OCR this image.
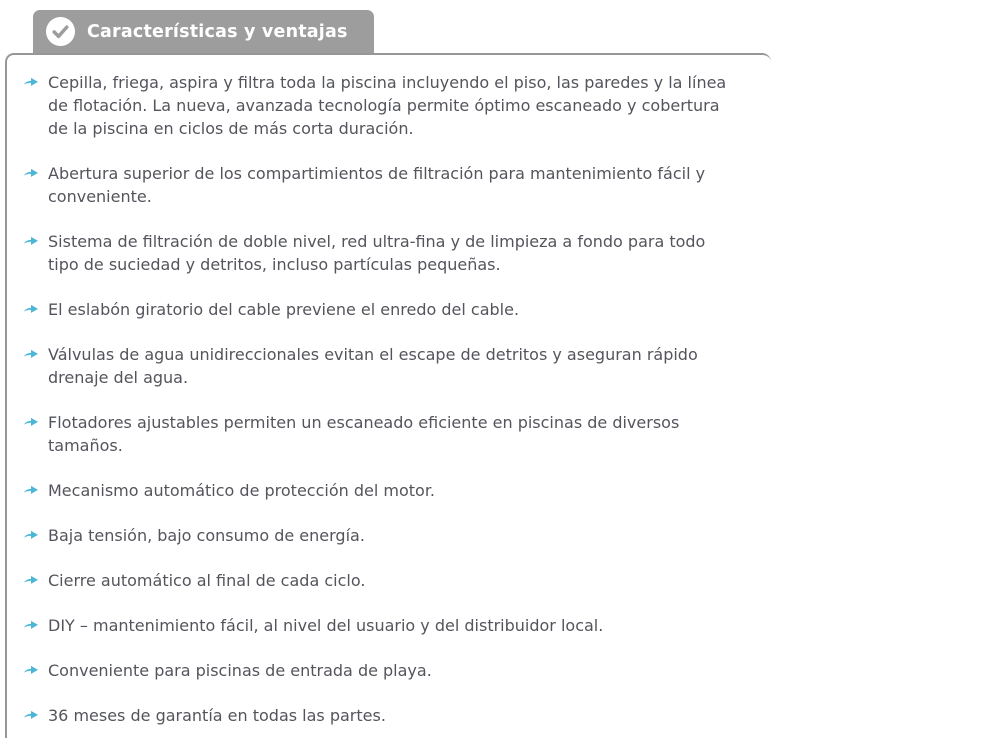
Características y ventajas
Cepilla, friega, aspira y filtra toda la piscina incluyendo el piso, las paredes y la línea de flotación. La nueva, avanzada tecnología permite óptimo escaneado y cobertura de la piscina en ciclos de más corta duración.
Abertura superior de los compartimientos de filtración para mantenimiento fácil y conveniente.
Sistema de filtración de doble nivel, red ultra-fina y de limpieza a fondo para todo tipo de suciedad y detritos, incluso partículas pequeñas.
El eslabón giratorio del cable previene el enredo del cable.
Válvulas de agua unidireccionales evitan el escape de detritos y aseguran rápido drenaje del agua.
Flotadores ajustables permiten un escaneado eficiente en piscinas de diversos tamaños.
Mecanismo automático de protección del motor.
Baja tensión, bajo consumo de energía.
Cierre automático al final de cada ciclo.
DIY – mantenimiento fácil, al nivel del usuario y del distribuidor local.
Conveniente para piscinas de entrada de playa.
36 meses de garantía en todas las partes.
